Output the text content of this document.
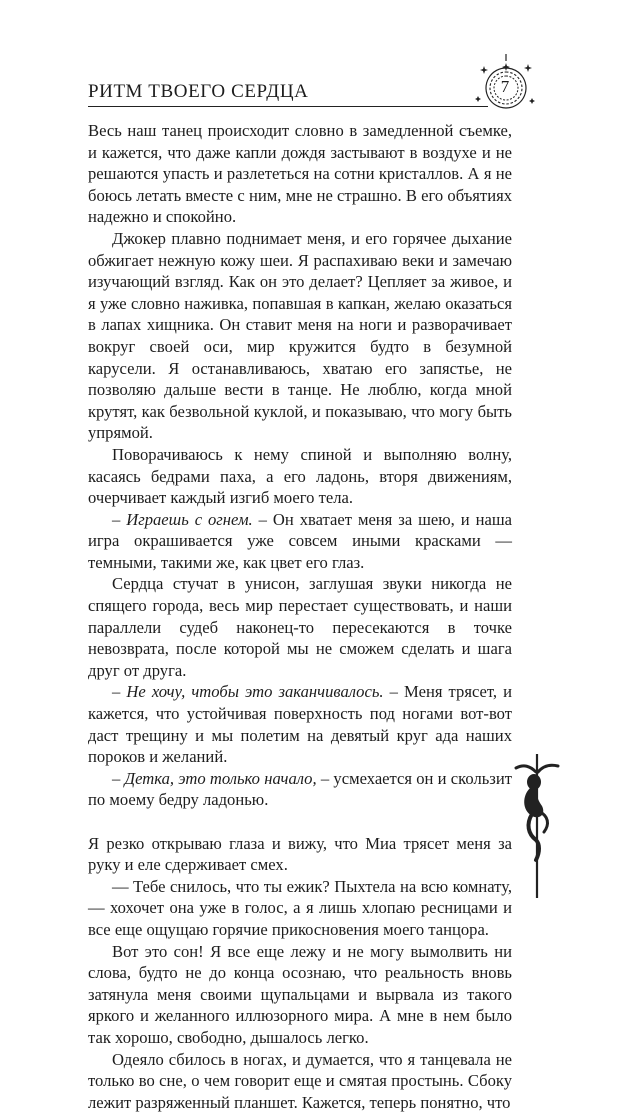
РИТМ ТВОЕГО СЕРДЦА	7

Весь наш танец происходит словно в замедленной съемке, и кажется, что даже капли дождя застывают в воздухе и не решаются упасть и разлететься на сотни кристаллов. А я не боюсь летать вместе с ним, мне не страшно. В его объятиях надежно и спокойно.

Джокер плавно поднимает меня, и его горячее дыхание обжигает нежную кожу шеи. Я распахиваю веки и замечаю изучающий взгляд. Как он это делает? Цепляет за живое, и я уже словно наживка, попавшая в капкан, желаю оказаться в лапах хищника. Он ставит меня на ноги и разворачивает вокруг своей оси, мир кружится будто в безумной карусели. Я останавливаюсь, хватаю его запястье, не позволяю дальше вести в танце. Не люблю, когда мной крутят, как безвольной куклой, и показываю, что могу быть упрямой.

Поворачиваюсь к нему спиной и выполняю волну, касаясь бедрами паха, а его ладонь, вторя движениям, очерчивает каждый изгиб моего тела.

– Играешь с огнем. – Он хватает меня за шею, и наша игра окрашивается уже совсем иными красками — темными, такими же, как цвет его глаз.

Сердца стучат в унисон, заглушая звуки никогда не спящего города, весь мир перестает существовать, и наши параллели судеб наконец-то пересекаются в точке невозврата, после которой мы не сможем сделать и шага друг от друга.

– Не хочу, чтобы это заканчивалось. – Меня трясет, и кажется, что устойчивая поверхность под ногами вот-вот даст трещину и мы полетим на девятый круг ада наших пороков и желаний.

– Детка, это только начало, – усмехается он и скользит по моему бедру ладонью.

Я резко открываю глаза и вижу, что Миа трясет меня за руку и еле сдерживает смех.

— Тебе снилось, что ты ежик? Пыхтела на всю комнату, — хохочет она уже в голос, а я лишь хлопаю ресницами и все еще ощущаю горячие прикосновения моего танцора.

Вот это сон! Я все еще лежу и не могу вымолвить ни слова, будто не до конца осознаю, что реальность вновь затянула меня своими щупальцами и вырвала из такого яркого и желанного иллюзорного мира. А мне в нем было так хорошо, свободно, дышалось легко.

Одеяло сбилось в ногах, и думается, что я танцевала не только во сне, о чем говорит еще и смятая простынь. Сбоку лежит разряженный планшет. Кажется, теперь понятно, что
